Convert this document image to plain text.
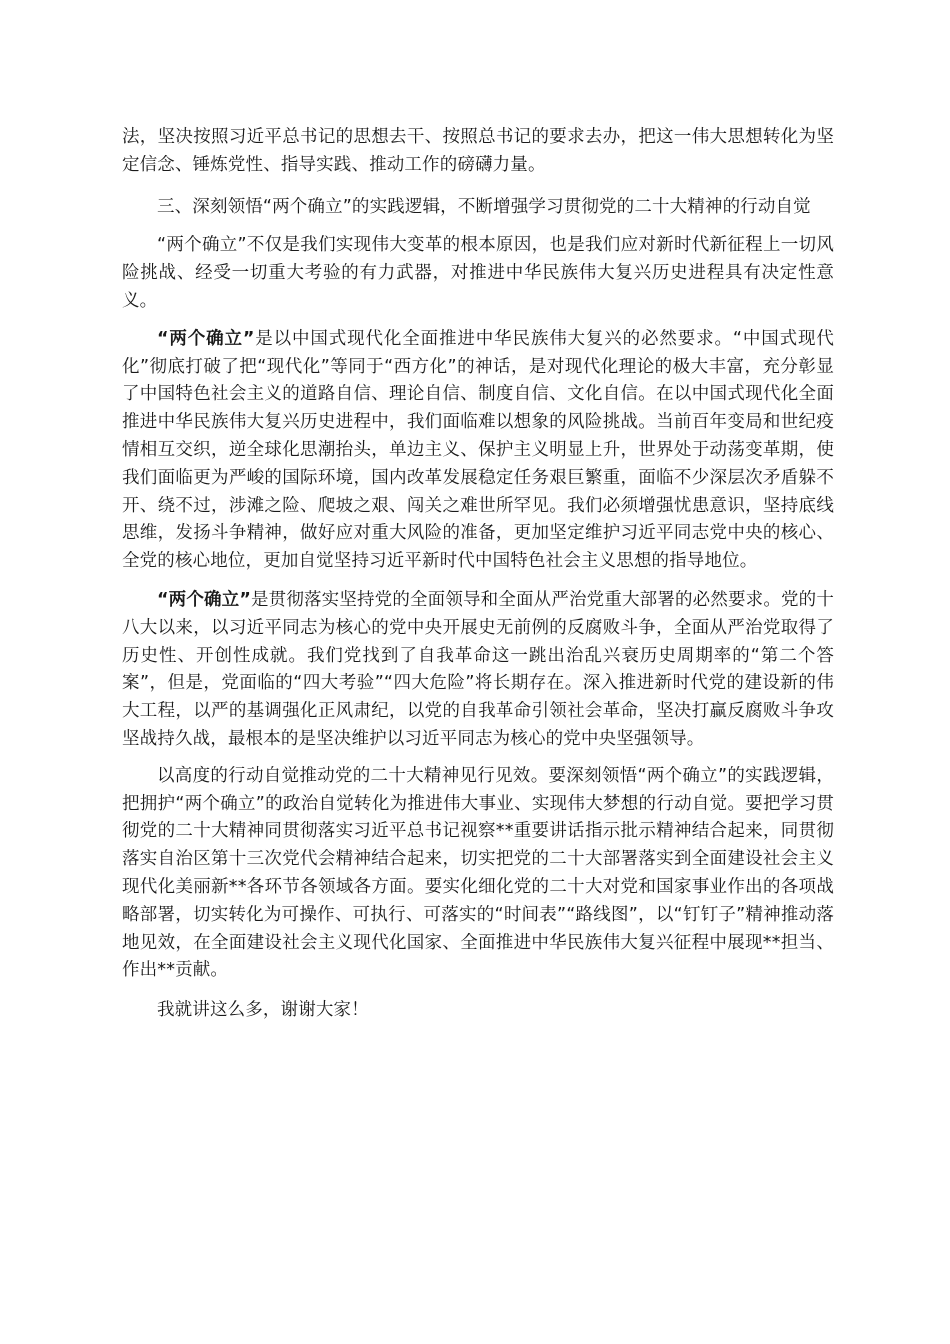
法，坚决按照习近平总书记的思想去干、按照总书记的要求去办，把这一伟大思想转化为坚定信念、锤炼党性、指导实践、推动工作的磅礴力量。

三、深刻领悟“两个确立”的实践逻辑，不断增强学习贯彻党的二十大精神的行动自觉

“两个确立”不仅是我们实现伟大变革的根本原因，也是我们应对新时代新征程上一切风险挑战、经受一切重大考验的有力武器，对推进中华民族伟大复兴历史进程具有决定性意义。

“两个确立”是以中国式现代化全面推进中华民族伟大复兴的必然要求。“中国式现代化”彻底打破了把“现代化”等同于“西方化”的神话，是对现代化理论的极大丰富，充分彰显了中国特色社会主义的道路自信、理论自信、制度自信、文化自信。在以中国式现代化全面推进中华民族伟大复兴历史进程中，我们面临难以想象的风险挑战。当前百年变局和世纪疫情相互交织，逆全球化思潮抬头，单边主义、保护主义明显上升，世界处于动荡变革期，使我们面临更为严峻的国际环境，国内改革发展稳定任务艰巨繁重，面临不少深层次矛盾躲不开、绕不过，涉滩之险、爬坡之艰、闯关之难世所罕见。我们必须增强忧患意识，坚持底线思维，发扬斗争精神，做好应对重大风险的准备，更加坚定维护习近平同志党中央的核心、全党的核心地位，更加自觉坚持习近平新时代中国特色社会主义思想的指导地位。

“两个确立”是贯彻落实坚持党的全面领导和全面从严治党重大部署的必然要求。党的十八大以来，以习近平同志为核心的党中央开展史无前例的反腐败斗争，全面从严治党取得了历史性、开创性成就。我们党找到了自我革命这一跳出治乱兴衰历史周期率的“第二个答案”，但是，党面临的“四大考验”“四大危险”将长期存在。深入推进新时代党的建设新的伟大工程，以严的基调强化正风肃纪，以党的自我革命引领社会革命，坚决打赢反腐败斗争攻坚战持久战，最根本的是坚决维护以习近平同志为核心的党中央坚强领导。

以高度的行动自觉推动党的二十大精神见行见效。要深刻领悟“两个确立”的实践逻辑，把拥护“两个确立”的政治自觉转化为推进伟大事业、实现伟大梦想的行动自觉。要把学习贯彻党的二十大精神同贯彻落实习近平总书记视察**重要讲话指示批示精神结合起来，同贯彻落实自治区第十三次党代会精神结合起来，切实把党的二十大部署落实到全面建设社会主义现代化美丽新**各环节各领域各方面。要实化细化党的二十大对党和国家事业作出的各项战略部署，切实转化为可操作、可执行、可落实的“时间表”“路线图”，以“钉钉子”精神推动落地见效，在全面建设社会主义现代化国家、全面推进中华民族伟大复兴征程中展现**担当、作出**贡献。

我就讲这么多，谢谢大家！
